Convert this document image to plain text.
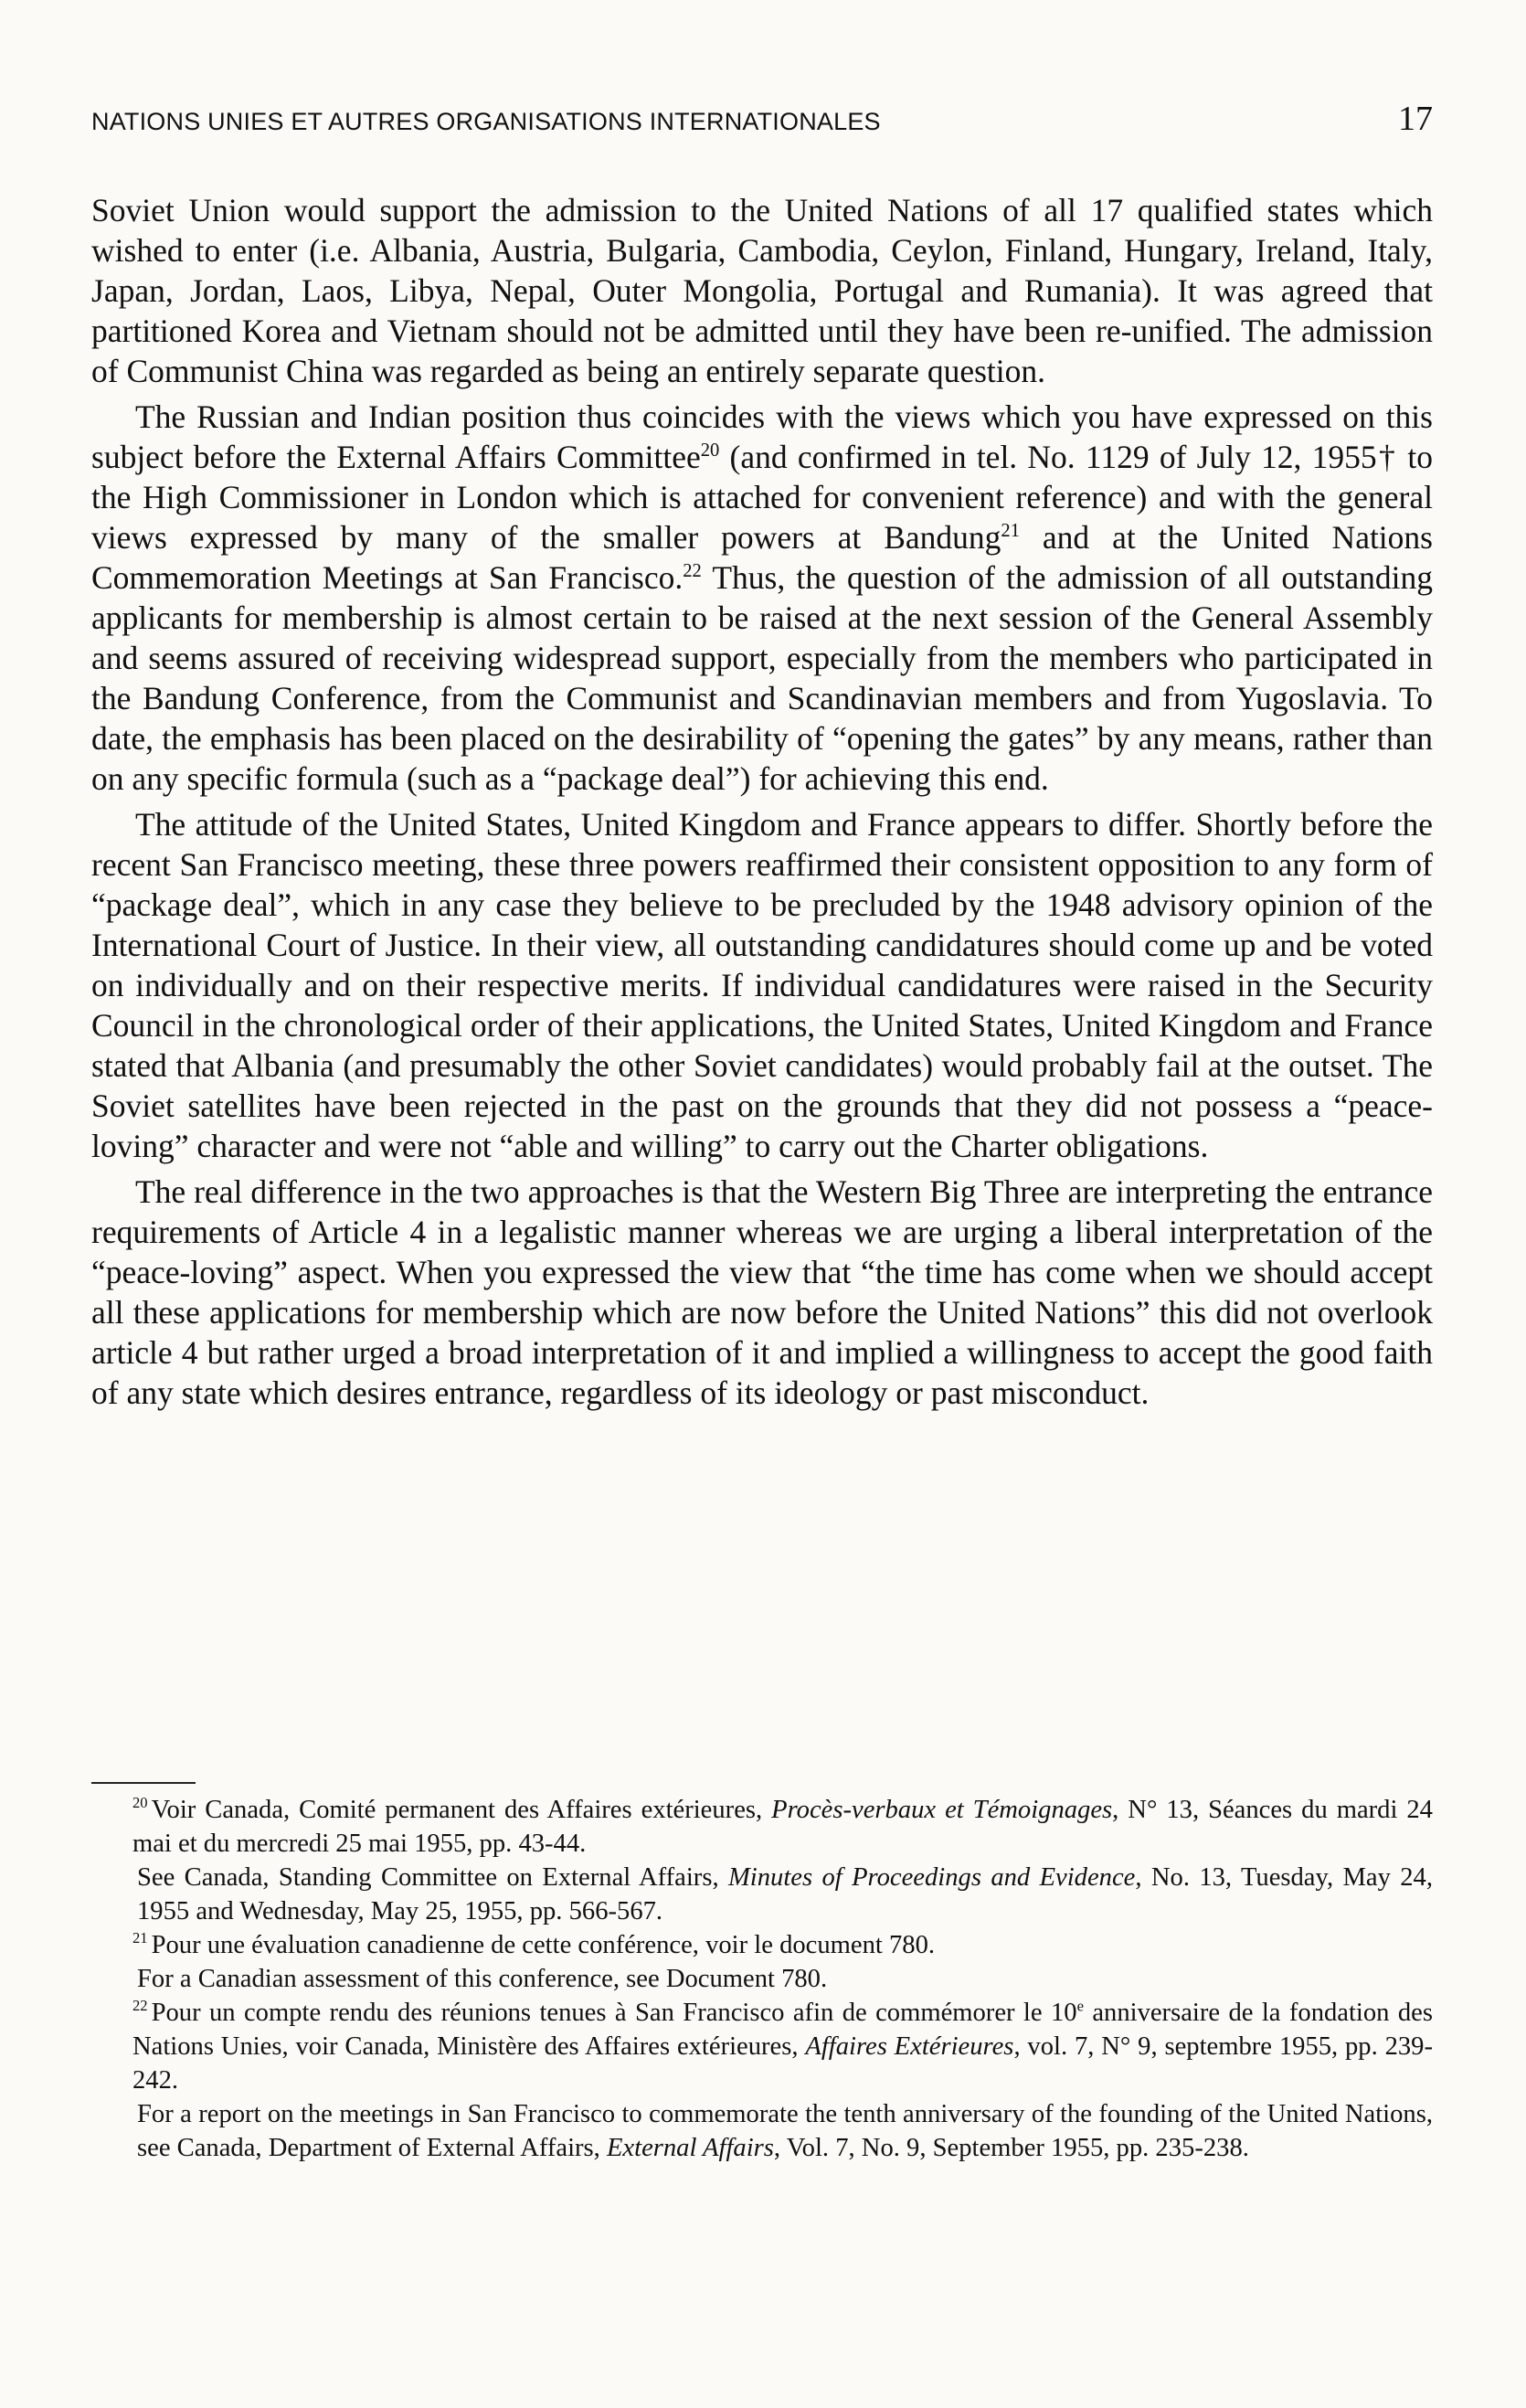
NATIONS UNIES ET AUTRES ORGANISATIONS INTERNATIONALES	17

Soviet Union would support the admission to the United Nations of all 17 qualified states which wished to enter (i.e. Albania, Austria, Bulgaria, Cambodia, Ceylon, Finland, Hungary, Ireland, Italy, Japan, Jordan, Laos, Libya, Nepal, Outer Mongolia, Portugal and Rumania). It was agreed that partitioned Korea and Vietnam should not be admitted until they have been re-unified. The admission of Communist China was regarded as being an entirely separate question.

The Russian and Indian position thus coincides with the views which you have expressed on this subject before the External Affairs Committee$^{20}$ (and confirmed in tel. No. 1129 of July 12, 1955† to the High Commissioner in London which is attached for convenient reference) and with the general views expressed by many of the smaller powers at Bandung$^{21}$ and at the United Nations Commemoration Meetings at San Francisco.$^{22}$ Thus, the question of the admission of all outstanding applicants for membership is almost certain to be raised at the next session of the General Assembly and seems assured of receiving widespread support, especially from the members who participated in the Bandung Conference, from the Communist and Scandinavian members and from Yugoslavia. To date, the emphasis has been placed on the desirability of “opening the gates” by any means, rather than on any specific formula (such as a “package deal”) for achieving this end.

The attitude of the United States, United Kingdom and France appears to differ. Shortly before the recent San Francisco meeting, these three powers reaffirmed their consistent opposition to any form of “package deal”, which in any case they believe to be precluded by the 1948 advisory opinion of the International Court of Justice. In their view, all outstanding candidatures should come up and be voted on individually and on their respective merits. If individual candidatures were raised in the Security Council in the chronological order of their applications, the United States, United Kingdom and France stated that Albania (and presumably the other Soviet candidates) would probably fail at the outset. The Soviet satellites have been rejected in the past on the grounds that they did not possess a “peace-loving” character and were not “able and willing” to carry out the Charter obligations.

The real difference in the two approaches is that the Western Big Three are interpreting the entrance requirements of Article 4 in a legalistic manner whereas we are urging a liberal interpretation of the “peace-loving” aspect. When you expressed the view that “the time has come when we should accept all these applications for membership which are now before the United Nations” this did not overlook article 4 but rather urged a broad interpretation of it and implied a willingness to accept the good faith of any state which desires entrance, regardless of its ideology or past misconduct.

$^{20}$ Voir Canada, Comité permanent des Affaires extérieures, Procès-verbaux et Témoignages, N° 13, Séances du mardi 24 mai et du mercredi 25 mai 1955, pp. 43-44.

See Canada, Standing Committee on External Affairs, Minutes of Proceedings and Evidence, No. 13, Tuesday, May 24, 1955 and Wednesday, May 25, 1955, pp. 566-567.

$^{21}$ Pour une évaluation canadienne de cette conférence, voir le document 780.

For a Canadian assessment of this conference, see Document 780.

$^{22}$ Pour un compte rendu des réunions tenues à San Francisco afin de commémorer le 10e anniversaire de la fondation des Nations Unies, voir Canada, Ministère des Affaires extérieures, Affaires Extérieures, vol. 7, N° 9, septembre 1955, pp. 239-242.

For a report on the meetings in San Francisco to commemorate the tenth anniversary of the founding of the United Nations, see Canada, Department of External Affairs, External Affairs, Vol. 7, No. 9, September 1955, pp. 235-238.
